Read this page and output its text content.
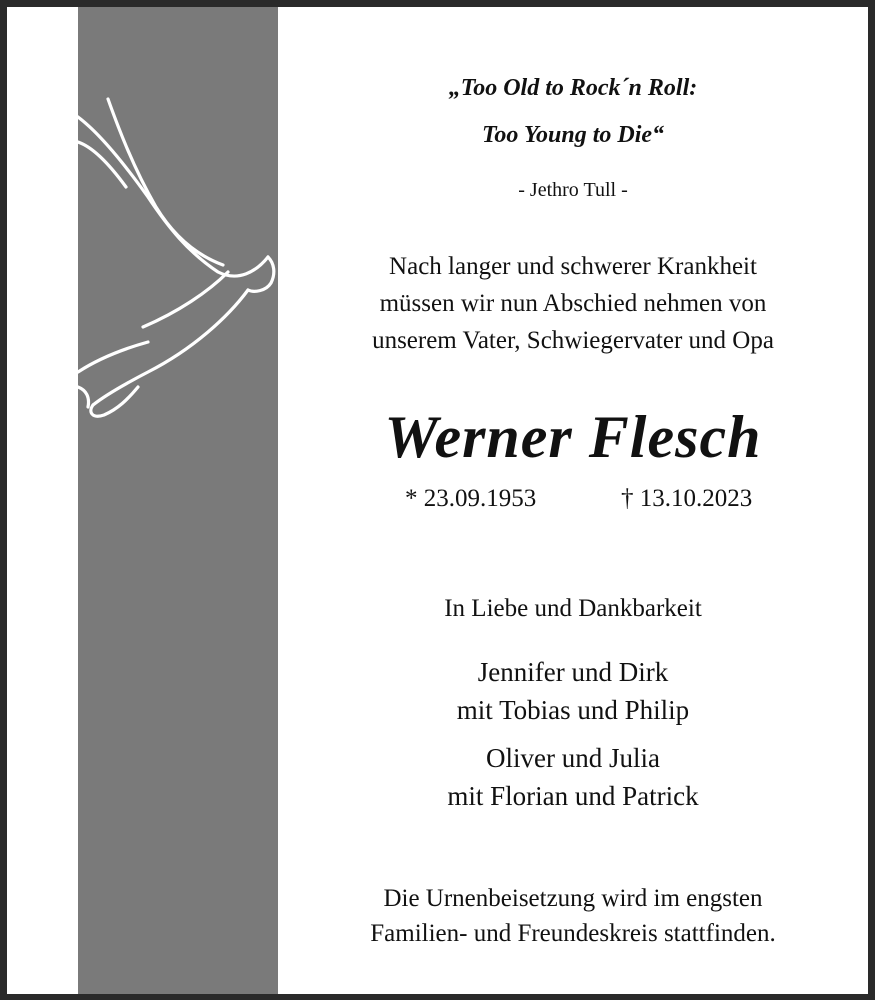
„Too Old to Rock´n Roll:
Too Young to Die“
- Jethro Tull -
Nach langer und schwerer Krankheit
müssen wir nun Abschied nehmen von
unserem Vater, Schwiegervater und Opa
Werner Flesch
* 23.09.1953	† 13.10.2023
In Liebe und Dankbarkeit
Jennifer und Dirk
mit Tobias und Philip
Oliver und Julia
mit Florian und Patrick
Die Urnenbeisetzung wird im engsten
Familien- und Freundeskreis stattfinden.
